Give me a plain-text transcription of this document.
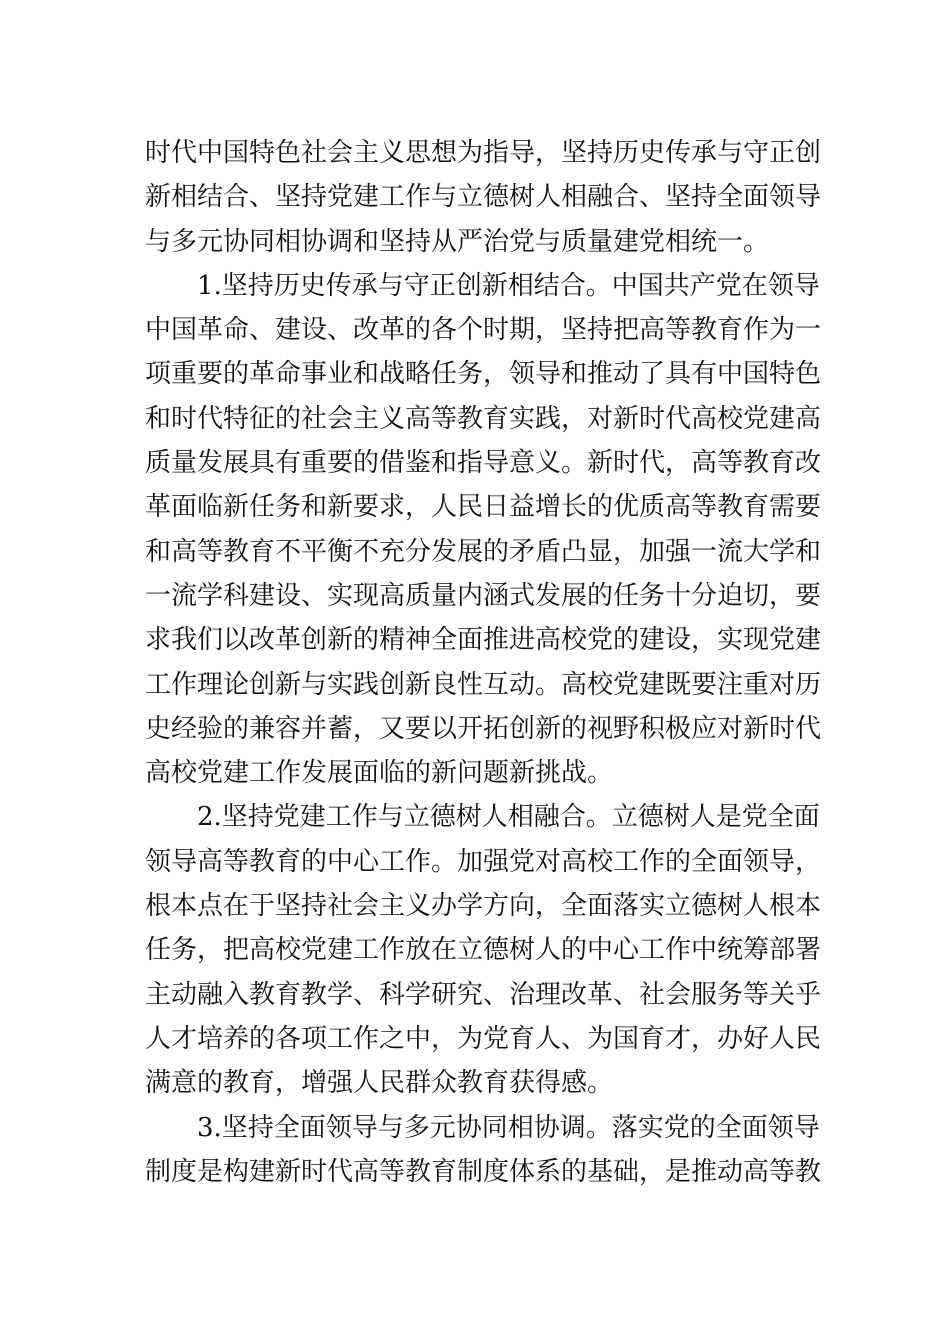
时代中国特色社会主义思想为指导，坚持历史传承与守正创
新相结合、坚持党建工作与立德树人相融合、坚持全面领导
与多元协同相协调和坚持从严治党与质量建党相统一。
1.坚持历史传承与守正创新相结合。中国共产党在领导
中国革命、建设、改革的各个时期，坚持把高等教育作为一
项重要的革命事业和战略任务，领导和推动了具有中国特色
和时代特征的社会主义高等教育实践，对新时代高校党建高
质量发展具有重要的借鉴和指导意义。新时代，高等教育改
革面临新任务和新要求，人民日益增长的优质高等教育需要
和高等教育不平衡不充分发展的矛盾凸显，加强一流大学和
一流学科建设、实现高质量内涵式发展的任务十分迫切，要
求我们以改革创新的精神全面推进高校党的建设，实现党建
工作理论创新与实践创新良性互动。高校党建既要注重对历
史经验的兼容并蓄，又要以开拓创新的视野积极应对新时代
高校党建工作发展面临的新问题新挑战。
2.坚持党建工作与立德树人相融合。立德树人是党全面
领导高等教育的中心工作。加强党对高校工作的全面领导，
根本点在于坚持社会主义办学方向，全面落实立德树人根本
任务，把高校党建工作放在立德树人的中心工作中统筹部署
主动融入教育教学、科学研究、治理改革、社会服务等关乎
人才培养的各项工作之中，为党育人、为国育才，办好人民
满意的教育，增强人民群众教育获得感。
3.坚持全面领导与多元协同相协调。落实党的全面领导
制度是构建新时代高等教育制度体系的基础，是推动高等教
